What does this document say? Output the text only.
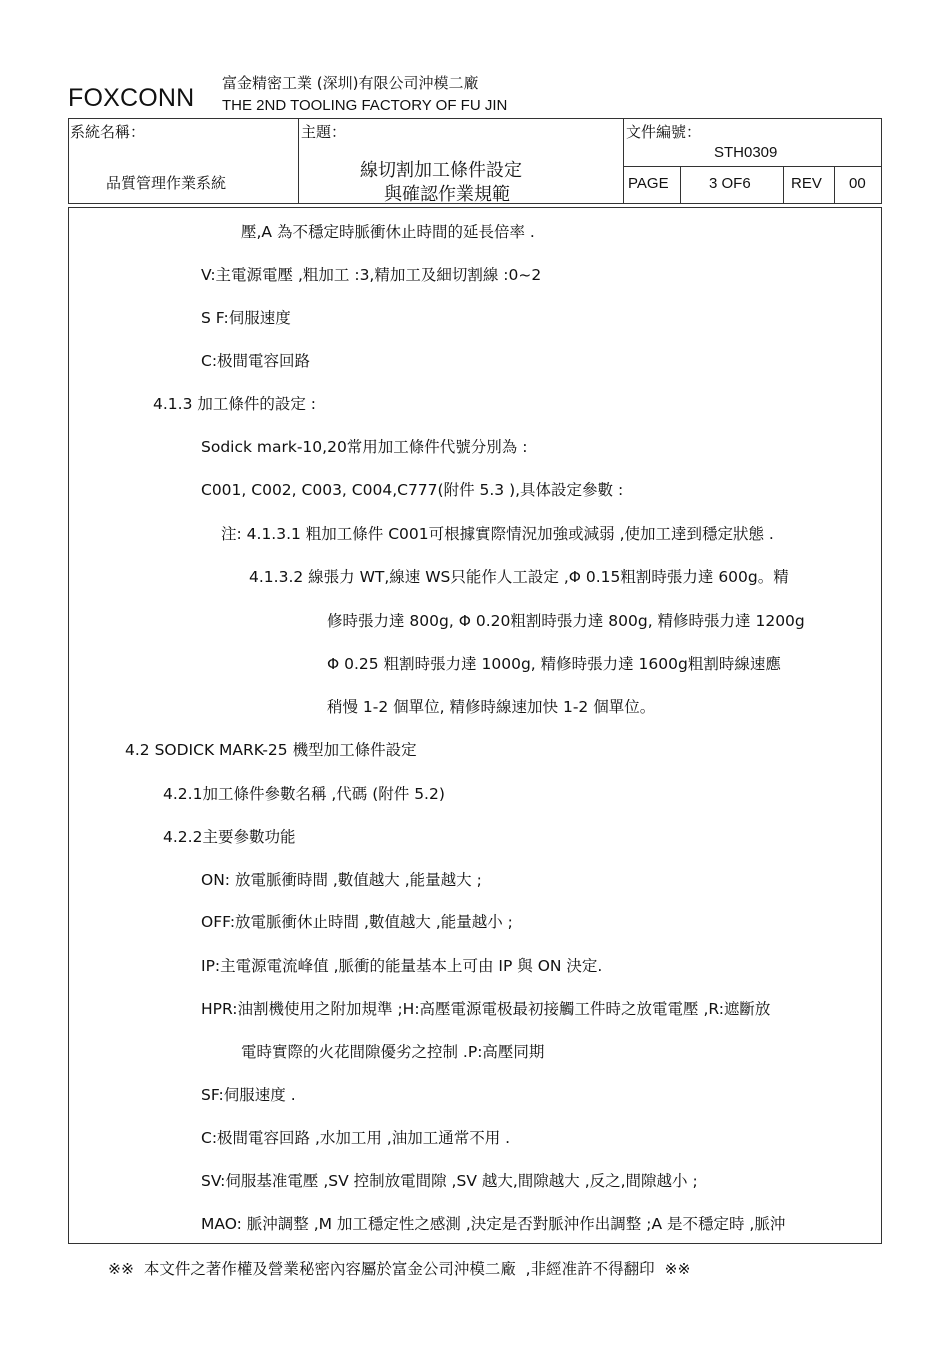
FOXCONN
富金精密工業 (深圳)有限公司沖模二廠
THE 2ND TOOLING FACTORY OF FU JIN
系統名稱：
品質管理作業系統
主題：
線切割加工條件設定
與確認作業規範
文件編號：
STH0309
PAGE	3 OF6	REV 00
壓,A 為不穩定時脈衝休止時間的延長倍率 .
V:主電源電壓 ,粗加工 :3,精加工及細切割線 :0~2
S F:伺服速度
C:极間電容回路
4.1.3 加工條件的設定 :
Sodick mark-10,20常用加工條件代號分別為 :
C001, C002, C003, C004,C777(附件 5.3 ),具体設定參數 :
注: 4.1.3.1 粗加工條件 C001可根據實際情況加強或減弱 ,使加工達到穩定狀態 .
4.1.3.2 線張力 WT,線速 WS只能作人工設定 ,Φ 0.15粗割時張力達 600g。精
修時張力達 800g, Φ 0.20粗割時張力達 800g, 精修時張力達 1200g
Φ 0.25 粗割時張力達 1000g, 精修時張力達 1600g粗割時線速應
稍慢 1-2 個單位, 精修時線速加快 1-2 個單位。
4.2 SODICK MARK-25 機型加工條件設定
4.2.1加工條件參數名稱 ,代碼 (附件 5.2)
4.2.2主要參數功能
ON: 放電脈衝時間 ,數值越大 ,能量越大 ;
OFF:放電脈衝休止時間 ,數值越大 ,能量越小 ;
IP:主電源電流峰值 ,脈衝的能量基本上可由 IP 與 ON 決定.
HPR:油割機使用之附加規準 ;H:高壓電源電极最初接觸工件時之放電電壓 ,R:遮斷放
電時實際的火花間隙優劣之控制 .P:高壓同期
SF:伺服速度 .
C:极間電容回路 ,水加工用 ,油加工通常不用 .
SV:伺服基准電壓 ,SV 控制放電間隙 ,SV 越大,間隙越大 ,反之,間隙越小 ;
MAO: 脈沖調整 ,M 加工穩定性之感測 ,決定是否對脈沖作出調整 ;A 是不穩定時 ,脈沖
※※  本文件之著作權及營業秘密內容屬於富金公司沖模二廠  ,非經准許不得翻印  ※※
